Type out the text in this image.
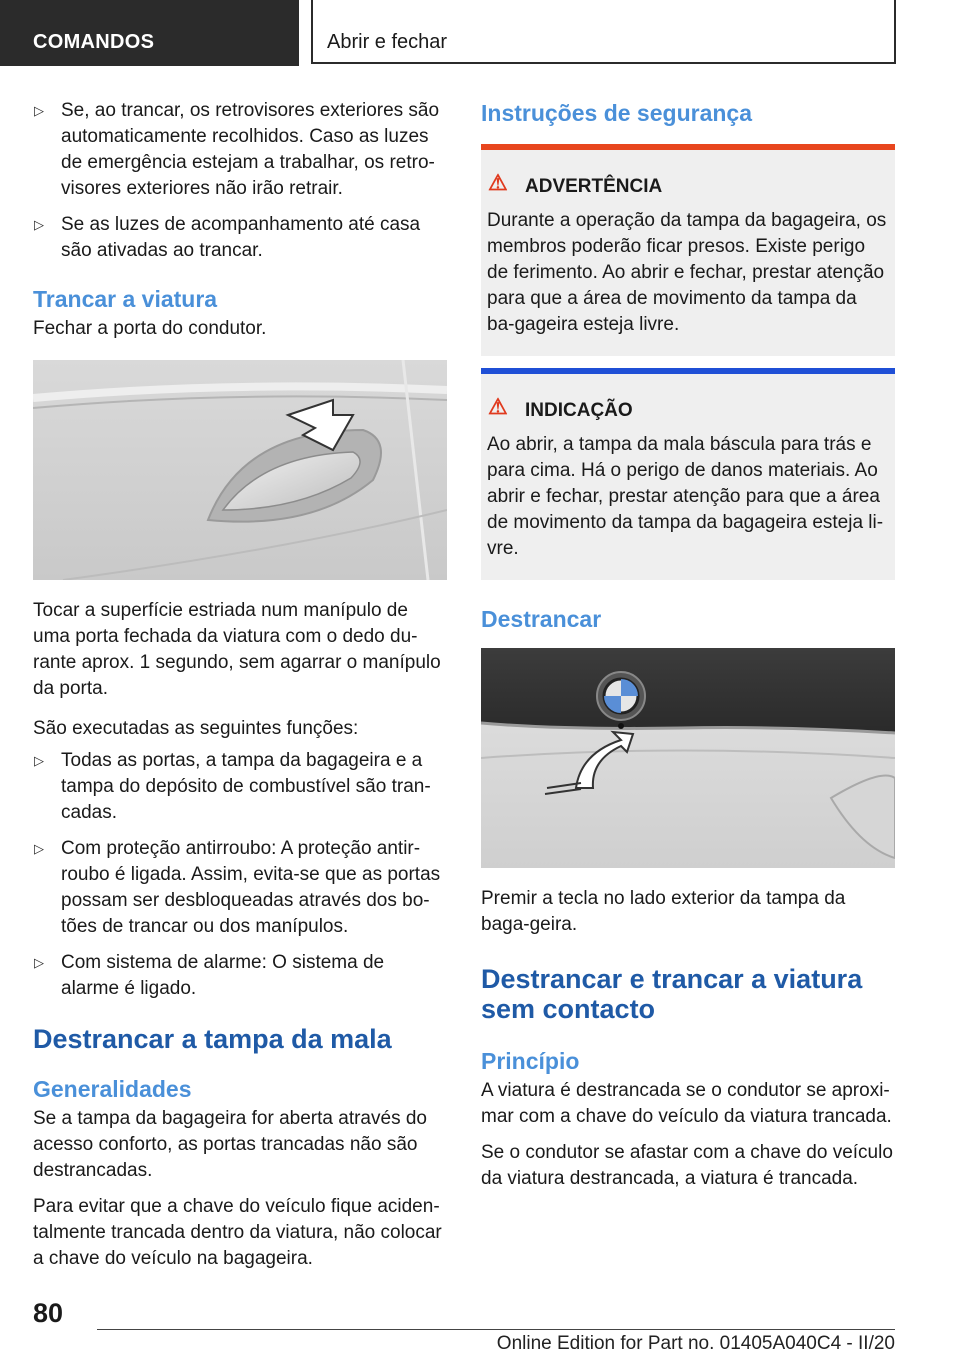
COMANDOS	Abrir e fechar
▷ Se, ao trancar, os retrovisores exteriores são automaticamente recolhidos. Caso as luzes de emergência estejam a trabalhar, os retro‐visores exteriores não irão retrair.
▷ Se as luzes de acompanhamento até casa são ativadas ao trancar.
Trancar a viatura

Fechar a porta do condutor.

Tocar a superfície estriada num manípulo de uma porta fechada da viatura com o dedo du‐rante aprox. 1 segundo, sem agarrar o manípulo da porta.

São executadas as seguintes funções:

▷ Todas as portas, a tampa da bagageira e a tampa do depósito de combustível são tran‐cadas.
▷ Com proteção antirroubo: A proteção antir‐roubo é ligada. Assim, evita-se que as portas possam ser desbloqueadas através dos bo‐tões de trancar ou dos manípulos.
▷ Com sistema de alarme: O sistema de alarme é ligado.
Destrancar a tampa da mala
Generalidades

Se a tampa da bagageira for aberta através do acesso conforto, as portas trancadas não são destrancadas.

Para evitar que a chave do veículo fique aciden‐talmente trancada dentro da viatura, não colocar a chave do veículo na bagageira.

Instruções de segurança
⚠ ADVERTÊNCIA
Durante a operação da tampa da bagageira, os membros poderão ficar presos. Existe perigo de ferimento. Ao abrir e fechar, prestar atenção para que a área de movimento da tampa da ba‐gageira esteja livre.
⚠ INDICAÇÃO
Ao abrir, a tampa da mala báscula para trás e para cima. Há o perigo de danos materiais. Ao abrir e fechar, prestar atenção para que a área de movimento da tampa da bagageira esteja li‐vre.
Destrancar

Premir a tecla no lado exterior da tampa da baga‐geira.

Destrancar e trancar a viatura sem contacto
Princípio

A viatura é destrancada se o condutor se aproxi‐mar com a chave do veículo da viatura trancada.

Se o condutor se afastar com a chave do veículo da viatura destrancada, a viatura é trancada.

80
Online Edition for Part no. 01405A040C4 - II/20
